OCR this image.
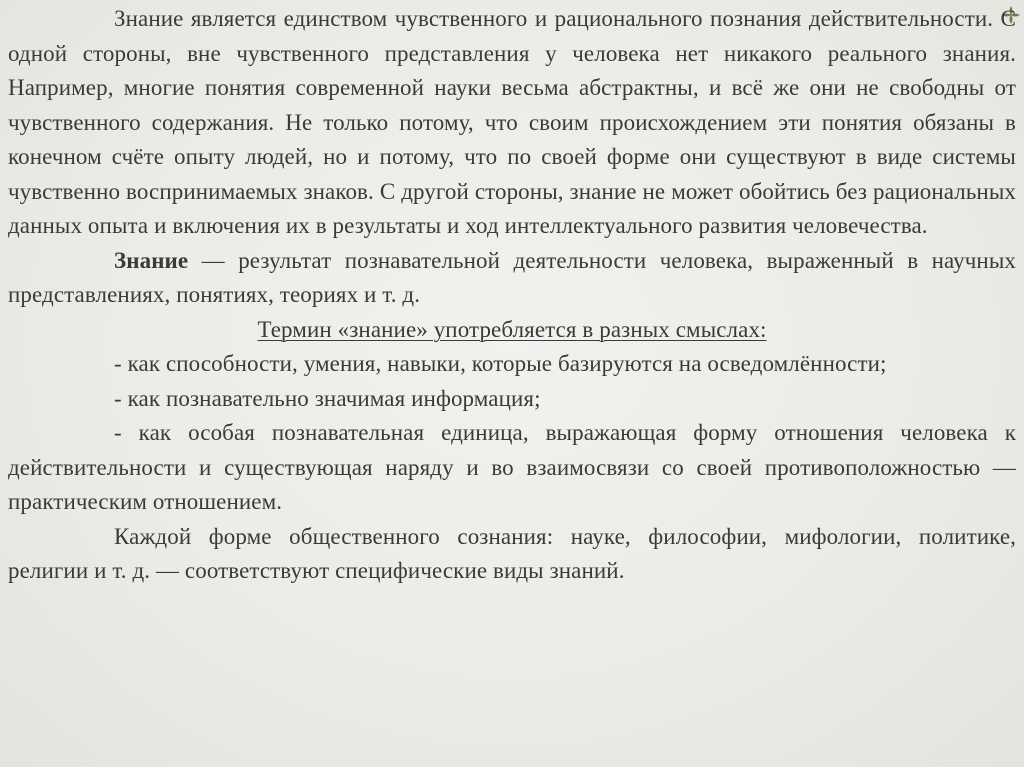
Знание является единством чувственного и рационального познания действительности. С одной стороны, вне чувственного представления у человека нет никакого реального знания. Например, многие понятия современной науки весьма абстрактны, и всё же они не свободны от чувственного содержания. Не только потому, что своим происхождением эти понятия обязаны в конечном счёте опыту людей, но и потому, что по своей форме они существуют в виде системы чувственно воспринимаемых знаков. С другой стороны, знание не может обойтись без рациональных данных опыта и включения их в результаты и ход интеллектуального развития человечества.

Знание — результат познавательной деятельности человека, выраженный в научных представлениях, понятиях, теориях и т. д.

Термин «знание» употребляется в разных смыслах:

- как способности, умения, навыки, которые базируются на осведомлённости;

- как познавательно значимая информация;

- как особая познавательная единица, выражающая форму отношения человека к действительности и существующая наряду и во взаимосвязи со своей противоположностью — практическим отношением.

Каждой форме общественного сознания: науке, философии, мифологии, политике, религии и т. д. — соответствуют специфические виды знаний.
